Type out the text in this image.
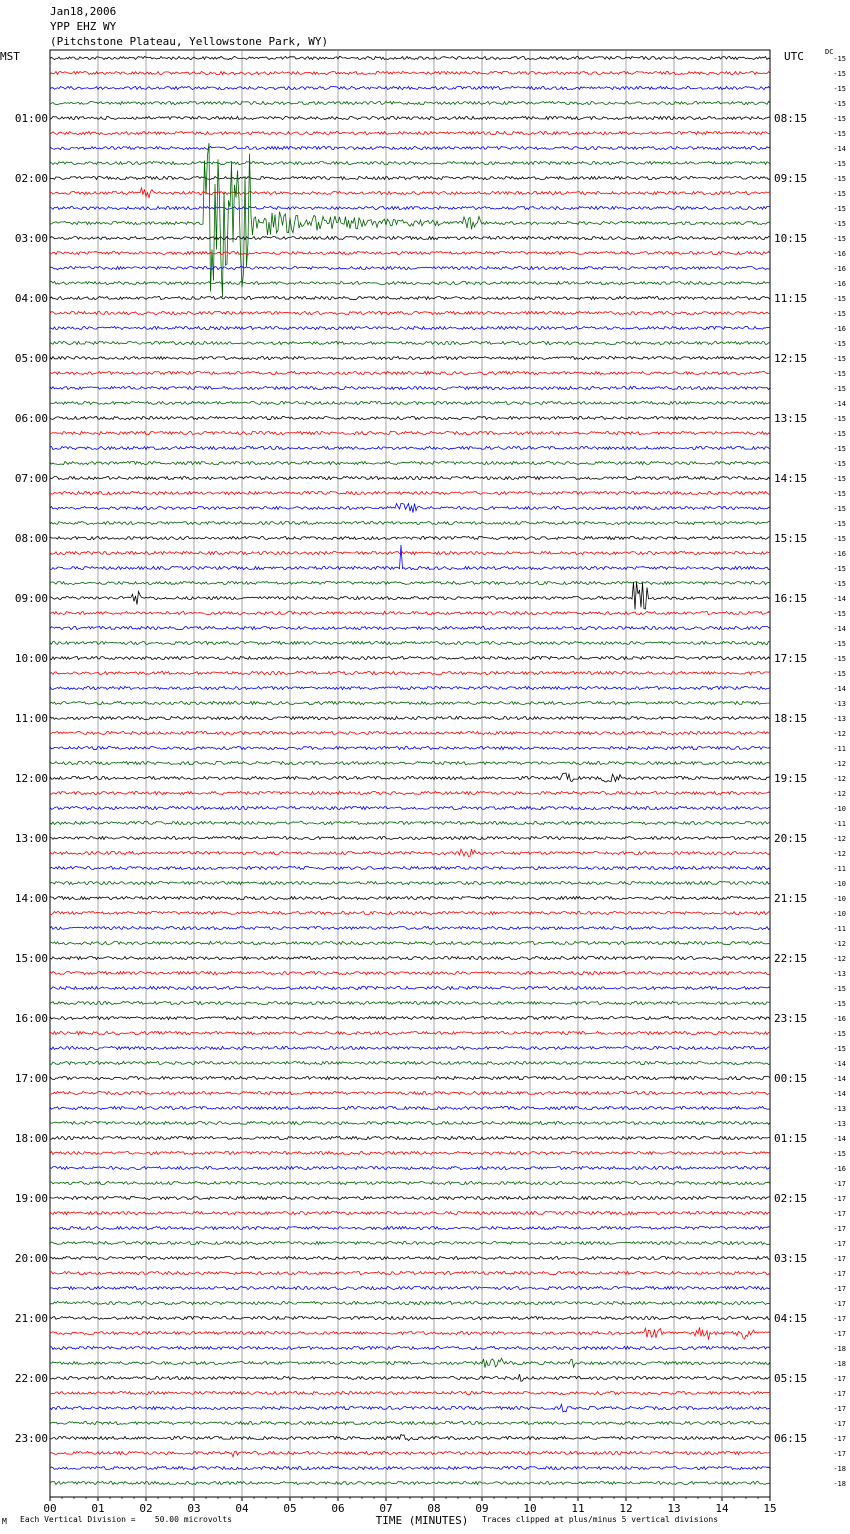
Jan18,2006
YPP EHZ WY
(Pitchstone Plateau, Yellowstone Park, WY)
MST	UTC	DC
00	01	02	03	04	05	06	07	08	09	10	11	12	13	14	15
TIME (MINUTES)
01:00
02:00
03:00
04:00
05:00
06:00
07:00
08:00
09:00
10:00
11:00
12:00
13:00
14:00
15:00
16:00
17:00
18:00
19:00
20:00
21:00
22:00
23:00
08:15
09:15
10:15
11:15
12:15
13:15
14:15
15:15
16:15
17:15
18:15
19:15
20:15
21:15
22:15
23:15
00:15
01:15
02:15
03:15
04:15
05:15
06:15
-15
-15
-15
-15
-15
-15
-14
-15
-15
-15
-15
-15
-15
-16
-16
-16
-15
-15
-16
-15
-15
-15
-15
-14
-15
-15
-15
-15
-15
-15
-15
-15
-15
-16
-15
-15
-14
-15
-14
-15
-15
-15
-14
-13
-13
-12
-11
-12
-12
-12
-10
-11
-12
-12
-11
-10
-10
-10
-11
-12
-12
-13
-15
-15
-16
-15
-15
-14
-14
-14
-13
-13
-14
-15
-16
-17
-17
-17
-17
-17
-17
-17
-17
-17
-17
-17
-18
-18
-17
-17
-17
-17
-17
-17
-18
-18
M Each Vertical Division =    50.00 microvolts	Traces clipped at plus/minus 5 vertical divisions
